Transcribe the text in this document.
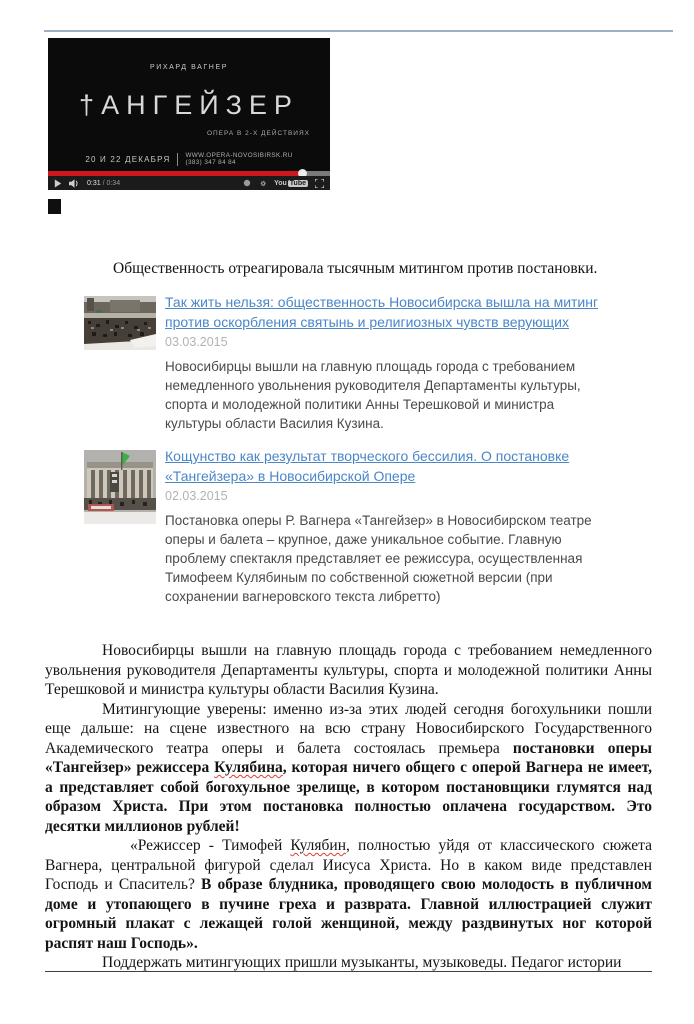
РИХАРД ВАГНЕР
†АНГЕЙЗЕР
ОПЕРА В 2-Х ДЕЙСТВИЯХ
20 И 22 ДЕКАБРЯ WWW.OPERA-NOVOSIBIRSK.RU
(383) 347 84 84
0:31 / 0:34	You Tube
Общественность отреагировала тысячным митингом против постановки.
Так жить нельзя: общественность Новосибирска вышла на митинг против оскорбления святынь и религиозных чувств верующих
03.03.2015
Новосибирцы вышли на главную площадь города с требованием немедленного увольнения руководителя Департаменты культуры, спорта и молодежной политики Анны Терешковой и министра культуры области Василия Кузина.
Кощунство как результат творческого бессилия. О постановке «Тангейзера» в Новосибирской Опере
02.03.2015
Постановка оперы Р. Вагнера «Тангейзер» в Новосибирском театре оперы и балета – крупное, даже уникальное событие. Главную проблему спектакля представляет ее режиссура, осуществленная Тимофеем Кулябиным по собственной сюжетной версии (при сохранении вагнеровского текста либретто)

Новосибирцы вышли на главную площадь города с требованием немедленного увольнения руководителя Департаменты культуры, спорта и молодежной политики Анны Терешковой и министра культуры области Василия Кузина.

Митингующие уверены: именно из-за этих людей сегодня богохульники пошли еще дальше: на сцене известного на всю страну Новосибирского Государственного Академического театра оперы и балета состоялась премьера постановки оперы «Тангейзер» режиссера Кулябина, которая ничего общего с оперой Вагнера не имеет, а представляет собой богохульное зрелище, в котором постановщики глумятся над образом Христа. При этом постановка полностью оплачена государством. Это десятки миллионов рублей!

«Режиссер - Тимофей Кулябин, полностью уйдя от классического сюжета Вагнера, центральной фигурой сделал Иисуса Христа. Но в каком виде представлен Господь и Спаситель? В образе блудника, проводящего свою молодость в публичном доме и утопающего в пучине греха и разврата. Главной иллюстрацией служит огромный плакат с лежащей голой женщиной, между раздвинутых ног которой распят наш Господь».

Поддержать митингующих пришли музыканты, музыковеды. Педагог истории
